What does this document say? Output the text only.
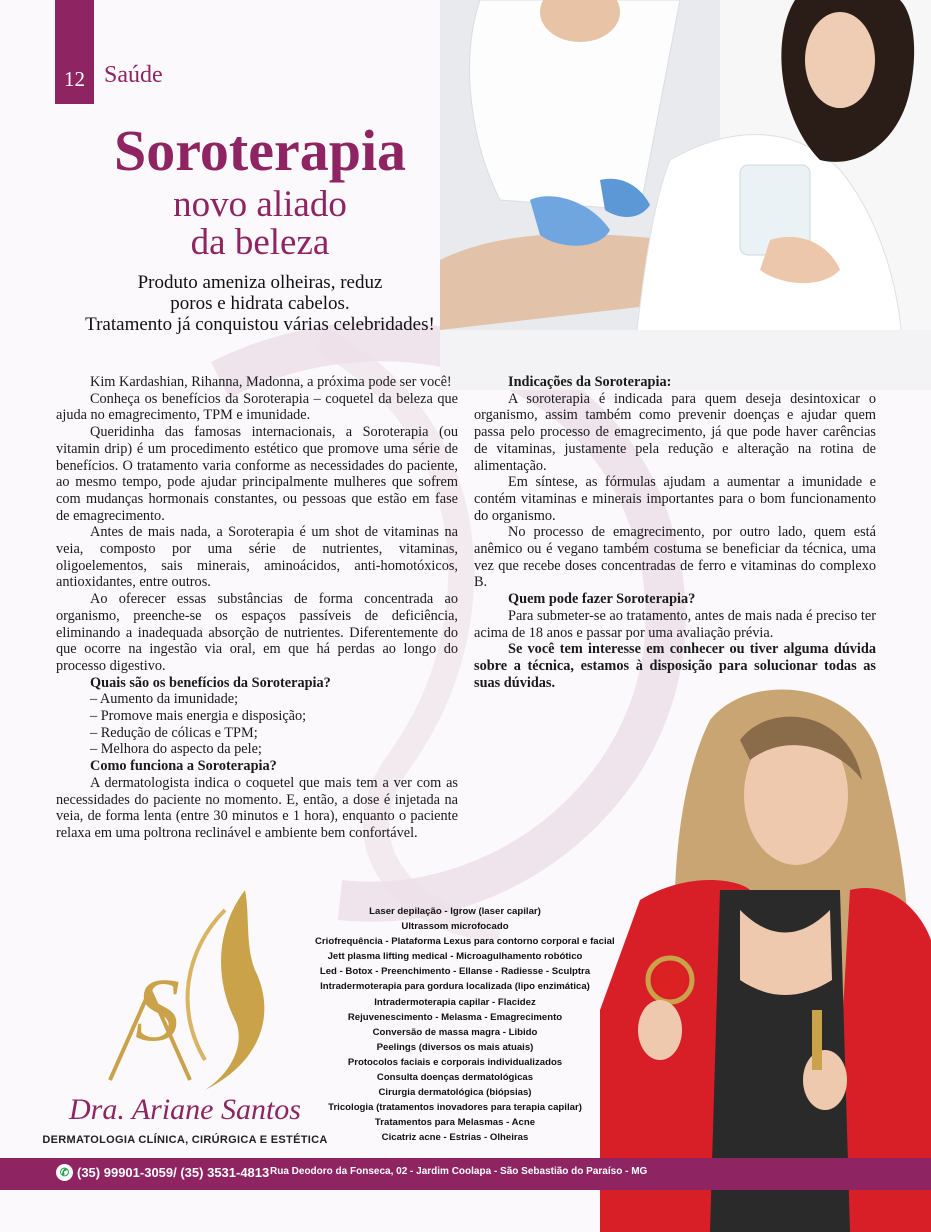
12 Saúde
Soroterapia
novo aliado
da beleza
Produto ameniza olheiras, reduz
poros e hidrata cabelos.
Tratamento já conquistou várias celebridades!

Kim Kardashian, Rihanna, Madonna, a próxima pode ser você!

Conheça os benefícios da Soroterapia – coquetel da beleza que ajuda no emagrecimento, TPM e imunidade.

Queridinha das famosas internacionais, a Soroterapia (ou vitamin drip) é um procedimento estético que promove uma série de benefícios. O tratamento varia conforme as necessidades do paciente, ao mesmo tempo, pode ajudar principalmente mulheres que sofrem com mudanças hormonais constantes, ou pessoas que estão em fase de emagrecimento.

Antes de mais nada, a Soroterapia é um shot de vitaminas na veia, composto por uma série de nutrientes, vitaminas, oligoelementos, sais minerais, aminoácidos, anti-homotóxicos, antioxidantes, entre outros.

Ao oferecer essas substâncias de forma concentrada ao organismo, preenche-se os espaços passíveis de deficiência, eliminando a inadequada absorção de nutrientes. Diferentemente do que ocorre na ingestão via oral, em que há perdas ao longo do processo digestivo.

Quais são os benefícios da Soroterapia?
– Aumento da imunidade;
– Promove mais energia e disposição;
– Redução de cólicas e TPM;
– Melhora do aspecto da pele;
Como funciona a Soroterapia?

A dermatologista indica o coquetel que mais tem a ver com as necessidades do paciente no momento. E, então, a dose é injetada na veia, de forma lenta (entre 30 minutos e 1 hora), enquanto o paciente relaxa em uma poltrona reclinável e ambiente bem confortável.

Indicações da Soroterapia:

A soroterapia é indicada para quem deseja desintoxicar o organismo, assim também como prevenir doenças e ajudar quem passa pelo processo de emagrecimento, já que pode haver carências de vitaminas, justamente pela redução e alteração na rotina de alimentação.

Em síntese, as fórmulas ajudam a aumentar a imunidade e contém vitaminas e minerais importantes para o bom funcionamento do organismo.

No processo de emagrecimento, por outro lado, quem está anêmico ou é vegano também costuma se beneficiar da técnica, uma vez que recebe doses concentradas de ferro e vitaminas do complexo B.

Quem pode fazer Soroterapia?

Para submeter-se ao tratamento, antes de mais nada é preciso ter acima de 18 anos e passar por uma avaliação prévia.

Se você tem interesse em conhecer ou tiver alguma dúvida sobre a técnica, estamos à disposição para solucionar todas as suas dúvidas.

S
Dra. Ariane Santos
DERMATOLOGIA CLÍNICA, CIRÚRGICA E ESTÉTICA
Laser depilação - Igrow (laser capilar)
Ultrassom microfocado
Criofrequência - Plataforma Lexus para contorno corporal e facial
Jett plasma lifting medical - Microagulhamento robótico
Led - Botox - Preenchimento - Ellanse - Radiesse - Sculptra
Intradermoterapia para gordura localizada (lipo enzimática)
Intradermoterapia capilar - Flacidez
Rejuvenescimento - Melasma - Emagrecimento
Conversão de massa magra - Libido
Peelings (diversos os mais atuais)
Protocolos faciais e corporais individualizados
Consulta doenças dermatológicas
Cirurgia dermatológica (biópsias)
Tricologia (tratamentos inovadores para terapia capilar)
Tratamentos para Melasmas - Acne
Cicatriz acne - Estrias - Olheiras
✆ (35) 99901-3059/ (35) 3531-4813 Rua Deodoro da Fonseca, 02 - Jardim Coolapa - São Sebastião do Paraíso - MG
